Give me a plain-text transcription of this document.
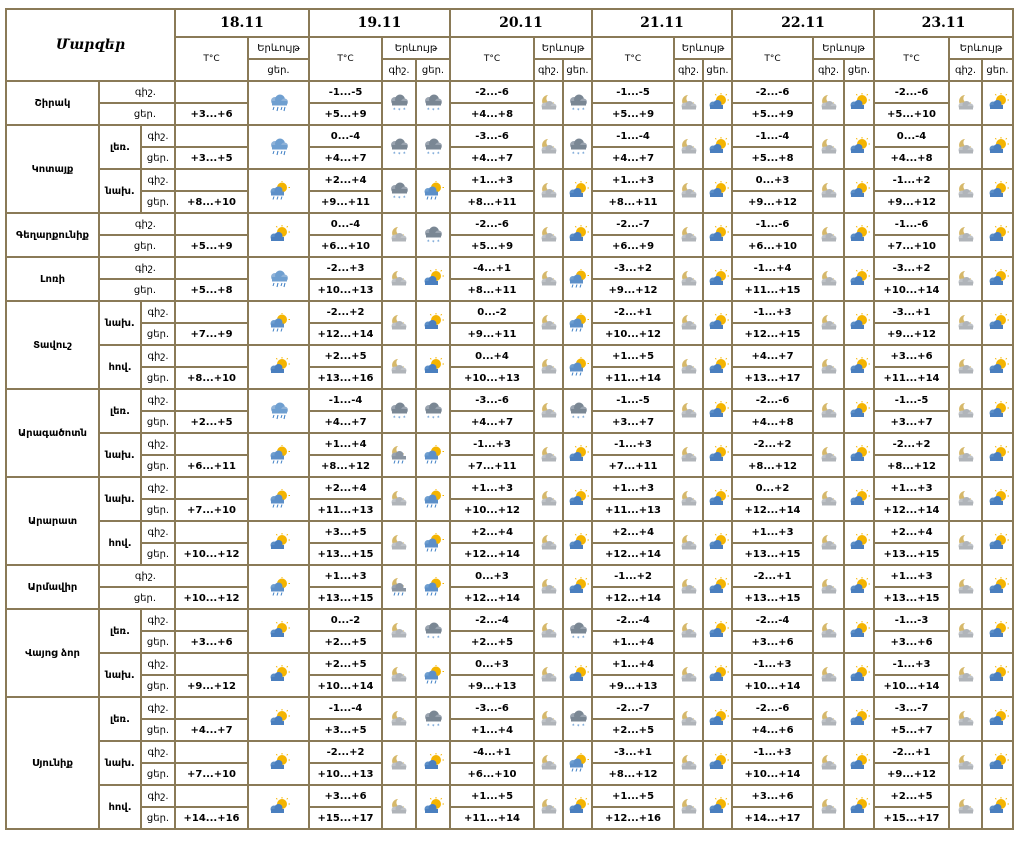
Մարզեր			18.11		19.11			20.11			21.11			22.11			23.11		
			T°C	Երևույթ	T°C	Երևույթ		T°C	Երևույթ		T°C	Երևույթ		T°C	Երևույթ		T°C	Երևույթ	
				ցեր.		գիշ.	ցեր.		գիշ.	ցեր.		գիշ.	ցեր.		գիշ.	ցեր.		գիշ.	ցեր.
Շիրակ	գիշ.				-1...-5	* * *	* * *	-2...-6		* * *	-1...-5			-2...-6			-2...-6	

	ցեր.		+3...+6		+5...+9			+4...+8			+5...+9			+5...+9			+5...+10		
Կոտայք	լեռ.	գիշ.			0...-4	* * *	* * *	-3...-6		* * *	-1...-4			-1...-4			0...-4	

		ցեր.	+3...+5		+4...+7			+4...+7			+4...+7			+5...+8			+4...+8		
	նախ.	գիշ.			+2...+4	* * *		+1...+3			+1...+3			0...+3			-1...+2	

		ցեր.	+8...+10		+9...+11			+8...+11			+8...+11			+9...+12			+9...+12		
Գեղարքունիք	գիշ.				0...-4		* * *	-2...-6			-2...-7			-1...-6			-1...-6	

	ցեր.		+5...+9		+6...+10			+5...+9			+6...+9			+6...+10			+7...+10		
Լոռի	գիշ.				-2...+3			-4...+1			-3...+2			-1...+4			-3...+2	

	ցեր.		+5...+8		+10...+13			+8...+11			+9...+12			+11...+15			+10...+14		
Տավուշ	նախ.	գիշ.			-2...+2			0...-2			-2...+1			-1...+3			-3...+1	

		ցեր.	+7...+9		+12...+14			+9...+11			+10...+12			+12...+15			+9...+12		
	հով.	գիշ.			+2...+5			0...+4			+1...+5			+4...+7			+3...+6	

		ցեր.	+8...+10		+13...+16			+10...+13			+11...+14			+13...+17			+11...+14		
Արագածոտն	լեռ.	գիշ.			-1...-4	* * *	* * *	-3...-6		* * *	-1...-5			-2...-6			-1...-5	

		ցեր.	+2...+5		+4...+7			+4...+7			+3...+7			+4...+8			+3...+7		
	նախ.	գիշ.			+1...+4			-1...+3			-1...+3			-2...+2			-2...+2	

		ցեր.	+6...+11		+8...+12			+7...+11			+7...+11			+8...+12			+8...+12		
Արարատ	նախ.	գիշ.			+2...+4			+1...+3			+1...+3			0...+2			+1...+3	

		ցեր.	+7...+10		+11...+13			+10...+12			+11...+13			+12...+14			+12...+14		
	հով.	գիշ.			+3...+5			+2...+4			+2...+4			+1...+3			+2...+4	

		ցեր.	+10...+12		+13...+15			+12...+14			+12...+14			+13...+15			+13...+15		
Արմավիր	գիշ.				+1...+3			0...+3			-1...+2			-2...+1			+1...+3	

	ցեր.		+10...+12		+13...+15			+12...+14			+12...+14			+13...+15			+13...+15		
Վայոց ձոր	լեռ.	գիշ.			0...-2		* * *	-2...-4		* * *	-2...-4			-2...-4			-1...-3	

		ցեր.	+3...+6		+2...+5			+2...+5			+1...+4			+3...+6			+3...+6		
	նախ.	գիշ.			+2...+5			0...+3			+1...+4			-1...+3			-1...+3	

		ցեր.	+9...+12		+10...+14			+9...+13			+9...+13			+10...+14			+10...+14		
Սյունիք	լեռ.	գիշ.			-1...-4		* * *	-3...-6		* * *	-2...-7			-2...-6			-3...-7	

		ցեր.	+4...+7		+3...+5			+1...+4			+2...+5			+4...+6			+5...+7		
	նախ.	գիշ.			-2...+2			-4...+1			-3...+1			-1...+3			-2...+1	

		ցեր.	+7...+10		+10...+13			+6...+10			+8...+12			+10...+14			+9...+12		
	հով.	գիշ.			+3...+6			+1...+5			+1...+5			+3...+6			+2...+5	

		ցեր.	+14...+16		+15...+17			+11...+14			+12...+16			+14...+17			+15...+17		
